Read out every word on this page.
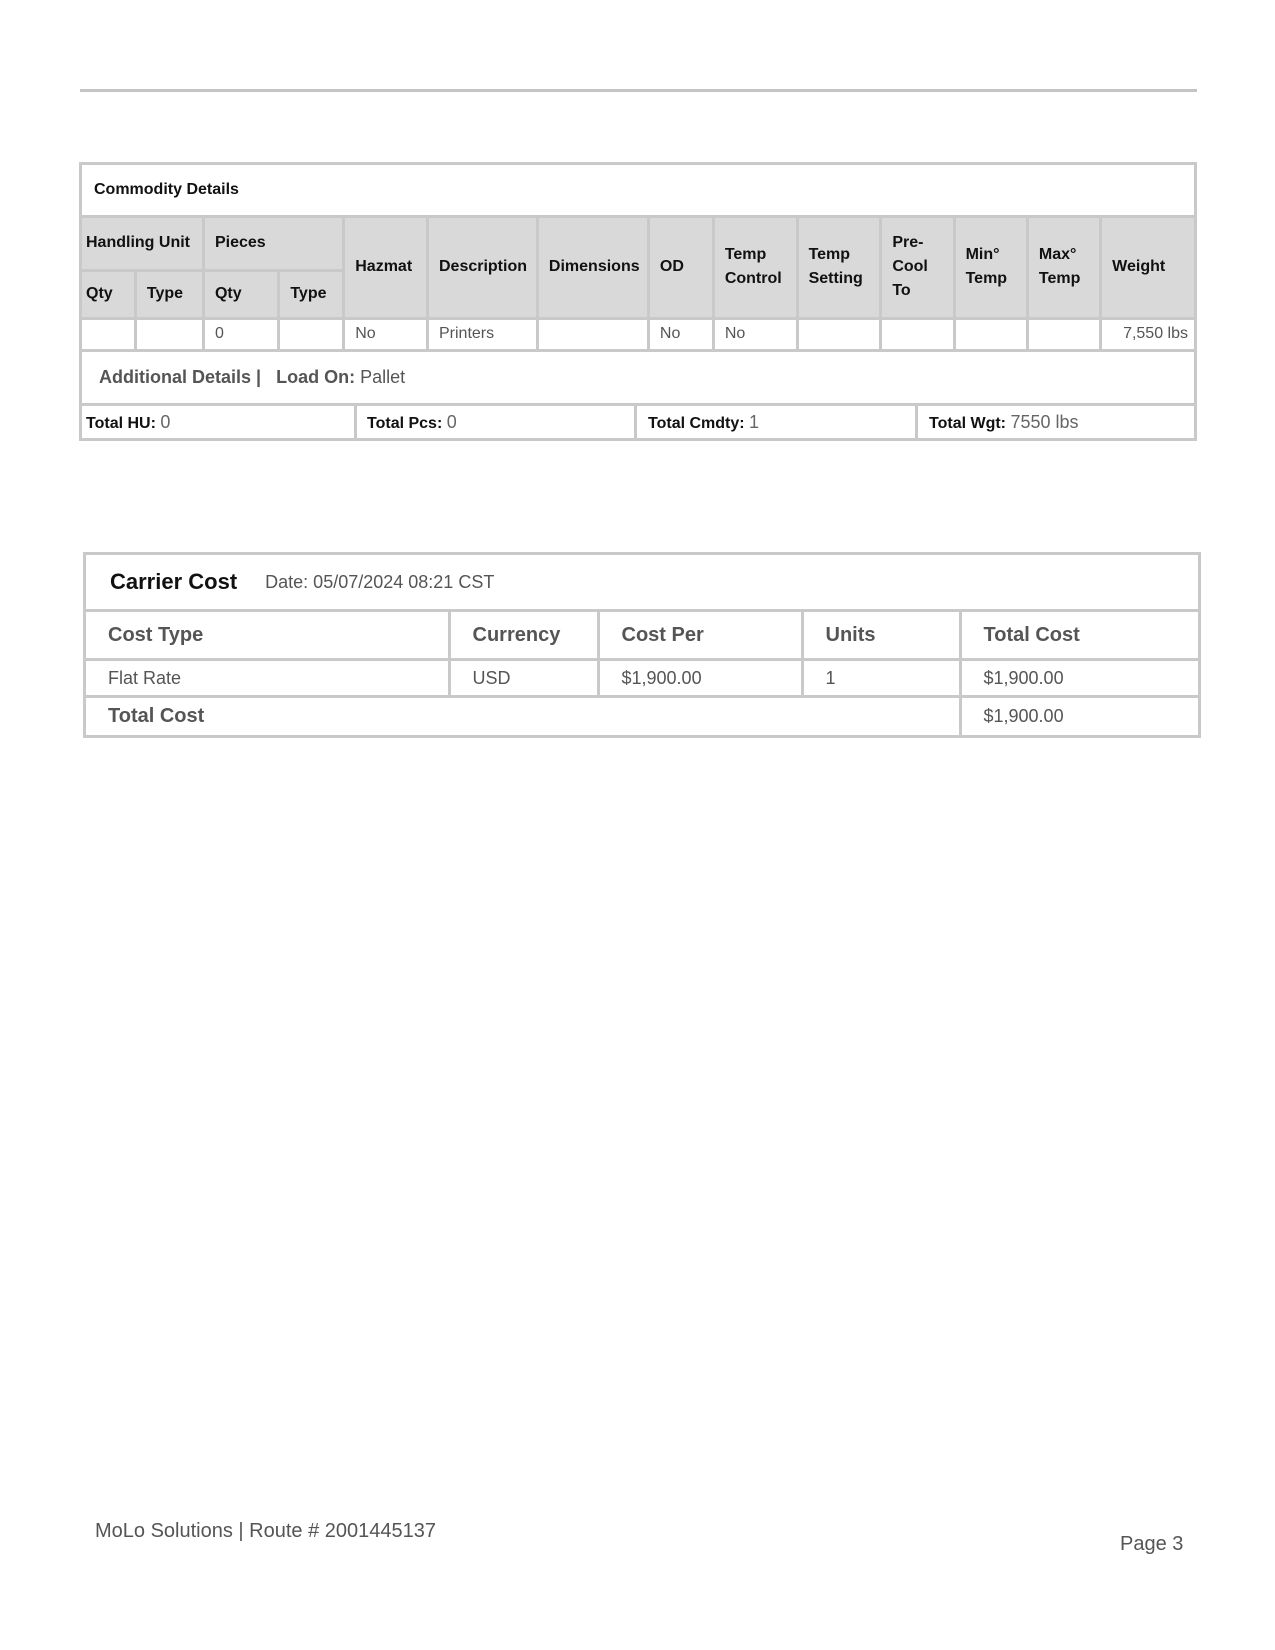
Commodity Details
Handling Unit		Pieces		Hazmat	Description	Dimensions	OD	Temp Control	Temp Setting	Pre-Cool To	Min° Temp	Max° Temp	Weight
Qty	Type	Qty	Type										
		0		No	Printers		No	No					7,550 lbs
Additional Details | Load On: Pallet
Total HU: 0	Total Pcs: 0	Total Cmdty: 1	Total Wgt: 7550 lbs
Carrier Cost Date: 05/07/2024 08:21 CST
Cost Type	Currency	Cost Per	Units	Total Cost
Flat Rate	USD	$1,900.00	1	$1,900.00
Total Cost				$1,900.00
MoLo Solutions | Route # 2001445137
Page 3
